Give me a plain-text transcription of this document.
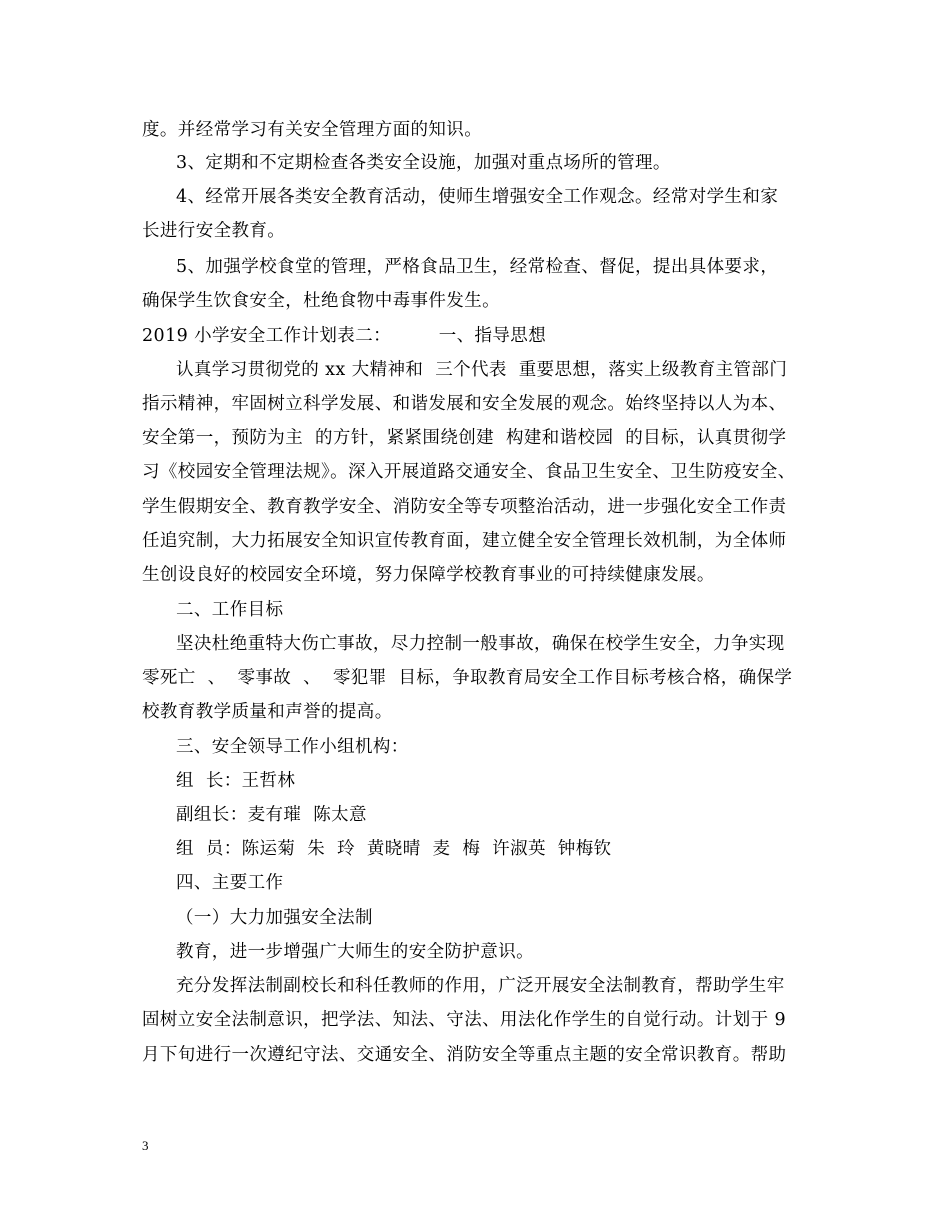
度。并经常学习有关安全管理方面的知识。
3、定期和不定期检查各类安全设施，加强对重点场所的管理。
4、经常开展各类安全教育活动，使师生增强安全工作观念。经常对学生和家
长进行安全教育。
5、加强学校食堂的管理，严格食品卫生，经常检查、督促，提出具体要求，
确保学生饮食安全，杜绝食物中毒事件发生。
2019 小学安全工作计划表二：        一、指导思想
认真学习贯彻党的 xx 大精神和  三个代表  重要思想，落实上级教育主管部门
指示精神，牢固树立科学发展、和谐发展和安全发展的观念。始终坚持以人为本、
安全第一，预防为主  的方针，紧紧围绕创建  构建和谐校园  的目标，认真贯彻学
习《校园安全管理法规》。深入开展道路交通安全、食品卫生安全、卫生防疫安全、
学生假期安全、教育教学安全、消防安全等专项整治活动，进一步强化安全工作责
任追究制，大力拓展安全知识宣传教育面，建立健全安全管理长效机制，为全体师
生创设良好的校园安全环境，努力保障学校教育事业的可持续健康发展。
二、工作目标
坚决杜绝重特大伤亡事故，尽力控制一般事故，确保在校学生安全，力争实现
零死亡  、  零事故  、  零犯罪  目标，争取教育局安全工作目标考核合格，确保学
校教育教学质量和声誉的提高。
三、安全领导工作小组机构：
组  长：王哲林
副组长：麦有璀  陈太意
组  员：陈运菊  朱  玲  黄晓晴  麦  梅  许淑英  钟梅钦
四、主要工作
（一）大力加强安全法制
教育，进一步增强广大师生的安全防护意识。
充分发挥法制副校长和科任教师的作用，广泛开展安全法制教育，帮助学生牢
固树立安全法制意识，把学法、知法、守法、用法化作学生的自觉行动。计划于 9
月下旬进行一次遵纪守法、交通安全、消防安全等重点主题的安全常识教育。帮助
3
